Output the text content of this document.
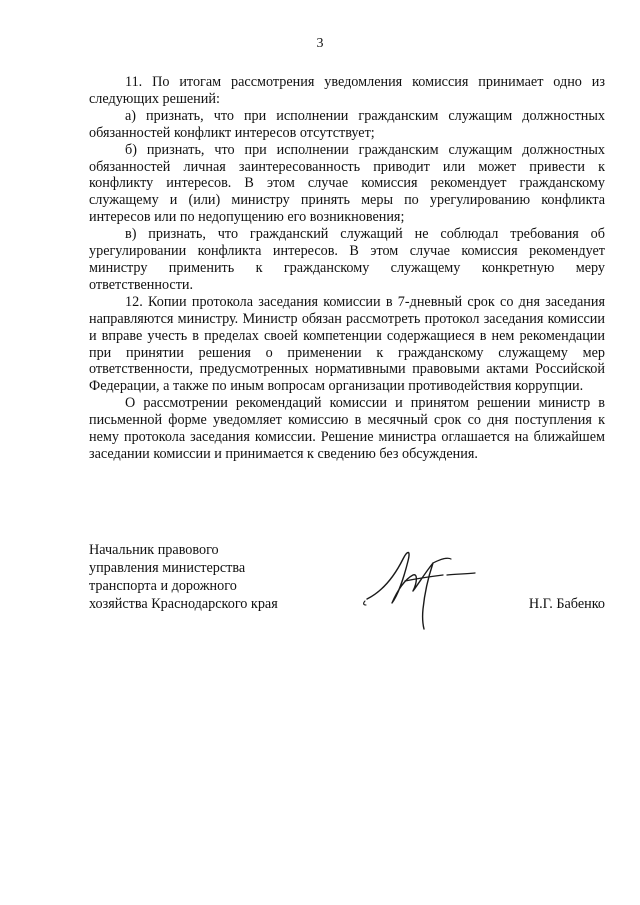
3

11. По итогам рассмотрения уведомления комиссия принимает одно из следующих решений:

а) признать, что при исполнении гражданским служащим должностных обязанностей конфликт интересов отсутствует;

б) признать, что при исполнении гражданским служащим должностных обязанностей личная заинтересованность приводит или может привести к конфликту интересов. В этом случае комиссия рекомендует гражданскому служащему и (или) министру принять меры по урегулированию конфликта интересов или по недопущению его возникновения;

в) признать, что гражданский служащий не соблюдал требования об урегулировании конфликта интересов. В этом случае комиссия рекомендует министру применить к гражданскому служащему конкретную меру ответственности.

12. Копии протокола заседания комиссии в 7-дневный срок со дня заседания направляются министру. Министр обязан рассмотреть протокол заседания комиссии и вправе учесть в пределах своей компетенции содержащиеся в нем рекомендации при принятии решения о применении к гражданскому служащему мер ответственности, предусмотренных нормативными правовыми актами Российской Федерации, а также по иным вопросам организации противодействия коррупции.

О рассмотрении рекомендаций комиссии и принятом решении министр в письменной форме уведомляет комиссию в месячный срок со дня поступления к нему протокола заседания комиссии. Решение министра оглашается на ближайшем заседании комиссии и принимается к сведению без обсуждения.

Начальник правового
управления министерства
транспорта и дорожного
хозяйства Краснодарского края	Н.Г. Бабенко
